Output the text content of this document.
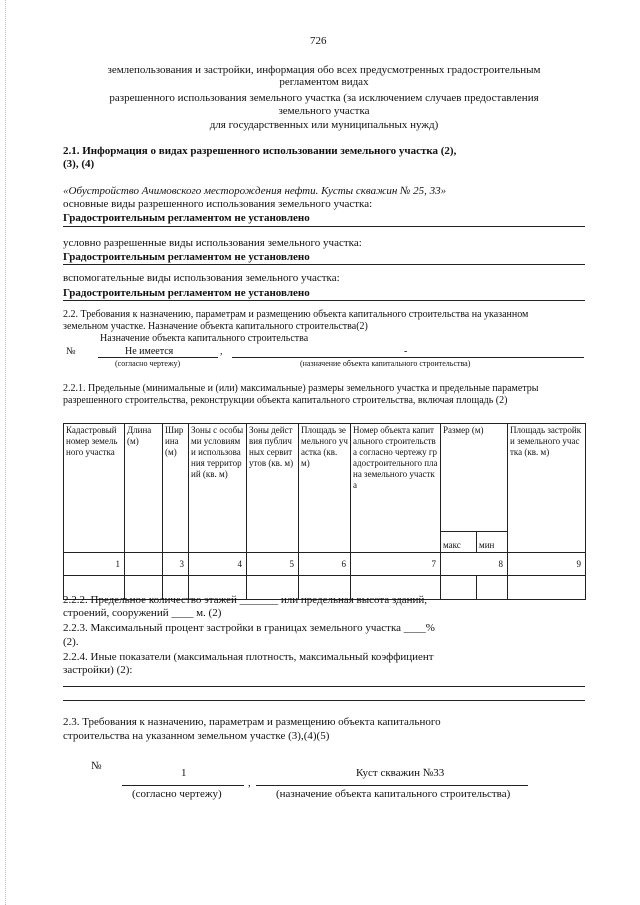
726
землепользования и застройки, информация обо всех предусмотренных градостроительным
регламентом видах
разрешенного использования земельного участка (за исключением случаев предоставления
земельного участка
для государственных или муниципальных нужд)
2.1. Информация о видах разрешенного использовании земельного участка (2),
(3), (4)
«Обустройство Ачимовского месторождения нефти. Кусты скважин № 25, 33»
основные виды разрешенного использования земельного участка:
Градостроительным регламентом не установлено
условно разрешенные виды использования земельного участка:
Градостроительным регламентом не установлено
вспомогательные виды использования земельного участка:
Градостроительным регламентом не установлено
2.2. Требования к назначению, параметрам и размещению объекта капитального строительства на указанном
земельном участке. Назначение объекта капитального строительства(2)
Назначение объекта капитального строительства
№	Не имеется	,	-
(согласно чертежу)	(назначение объекта капитального строительства)
2.2.1. Предельные (минимальные и (или) максимальные) размеры земельного участка и предельные параметры
разрешенного строительства, реконструкции объекта капитального строительства, включая площадь (2)
Кадастровый номер земельного участка	Длина (м)	Ширина (м)	Зоны с особыми условиями использования территорий (кв. м)	Зоны действия публичных сервитутов (кв. м)	Площадь земельного участка (кв. м)	Номер объекта капитального строительства согласно чертежу градостроительного плана земельного участка	Размер (м)		Площадь застройки земельного участка (кв. м)
							макс	мин	
1		3	4	5	6	7	8		9

2.2.2. Предельное количество этажей _______ или предельная высота зданий,
строений, сооружений ____ м. (2)
2.2.3. Максимальный процент застройки в границах земельного участка ____%
(2).
2.2.4. Иные показатели (максимальная плотность, максимальный коэффициент
застройки) (2):
2.3. Требования к назначению, параметрам и размещению объекта капитального
строительства на указанном земельном участке (3),(4)(5)
№
1
,
Куст скважин №33
(согласно чертежу)	(назначение объекта капитального строительства)
